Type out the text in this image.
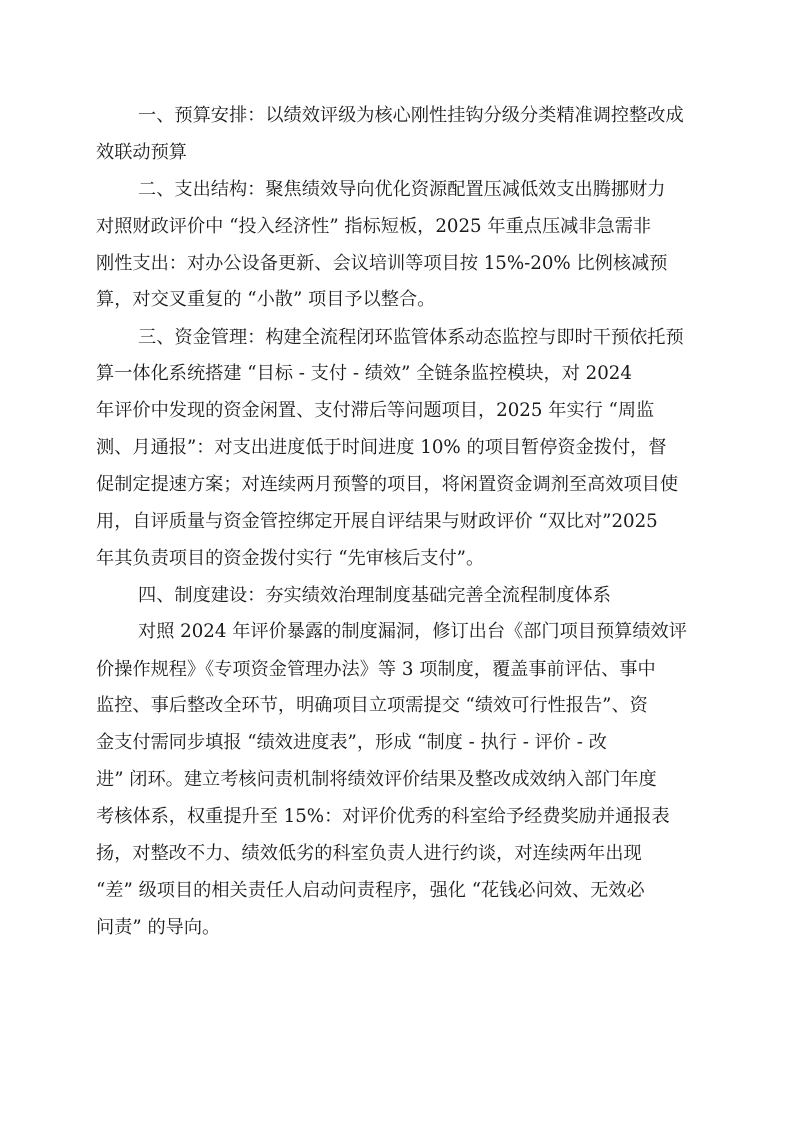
一、预算安排：以绩效评级为核心刚性挂钩分级分类精准调控整改成

效联动预算

二、支出结构：聚焦绩效导向优化资源配置压减低效支出腾挪财力

对照财政评价中 “投入经济性” 指标短板，2025 年重点压减非急需非

刚性支出：对办公设备更新、会议培训等项目按 15%-20% 比例核减预

算，对交叉重复的 “小散” 项目予以整合。

三、资金管理：构建全流程闭环监管体系动态监控与即时干预依托预

算一体化系统搭建 “目标 - 支付 - 绩效” 全链条监控模块，对 2024

年评价中发现的资金闲置、支付滞后等问题项目，2025 年实行 “周监

测、月通报”：对支出进度低于时间进度 10% 的项目暂停资金拨付，督

促制定提速方案；对连续两月预警的项目，将闲置资金调剂至高效项目使

用，自评质量与资金管控绑定开展自评结果与财政评价 “双比对”2025

年其负责项目的资金拨付实行 “先审核后支付”。

四、制度建设：夯实绩效治理制度基础完善全流程制度体系

对照 2024 年评价暴露的制度漏洞，修订出台《部门项目预算绩效评

价操作规程》《专项资金管理办法》等 3 项制度，覆盖事前评估、事中

监控、事后整改全环节，明确项目立项需提交 “绩效可行性报告”、资

金支付需同步填报 “绩效进度表”，形成 “制度 - 执行 - 评价 - 改

进” 闭环。建立考核问责机制将绩效评价结果及整改成效纳入部门年度

考核体系，权重提升至 15%：对评价优秀的科室给予经费奖励并通报表

扬，对整改不力、绩效低劣的科室负责人进行约谈，对连续两年出现

“差” 级项目的相关责任人启动问责程序，强化 “花钱必问效、无效必

问责” 的导向。
